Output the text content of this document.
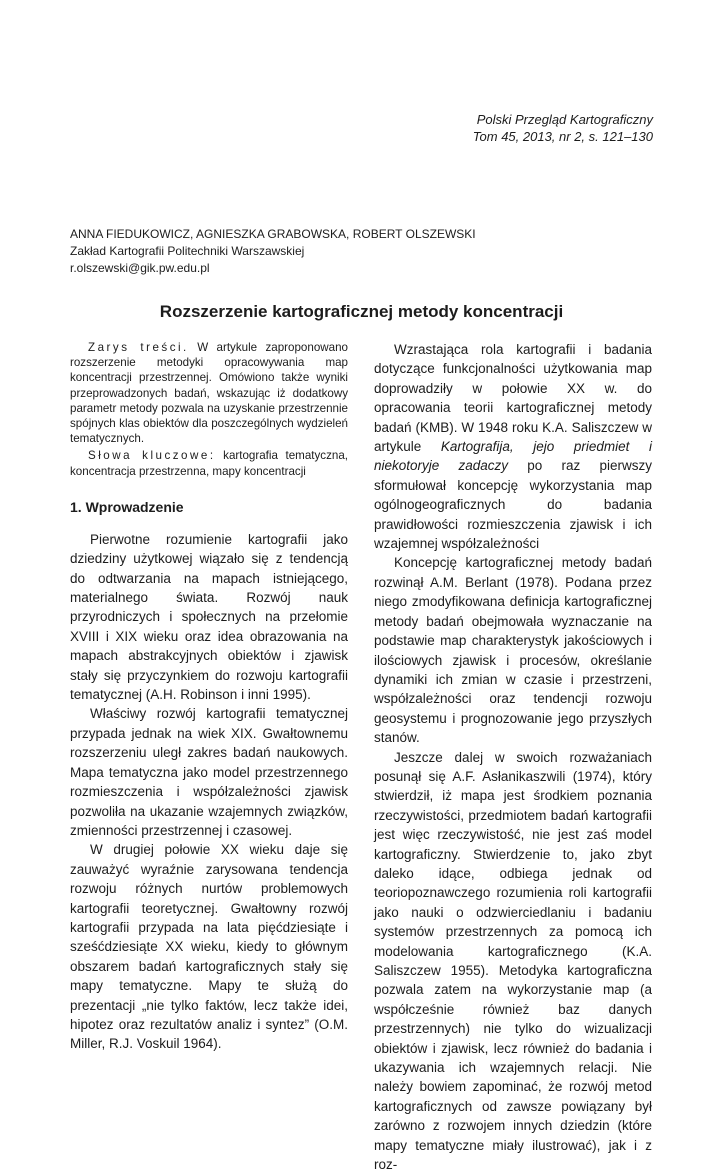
Polski Przegląd Kartograficzny
Tom 45, 2013, nr 2, s. 121–130
ANNA FIEDUKOWICZ, AGNIESZKA GRABOWSKA, ROBERT OLSZEWSKI
Zakład Kartografii Politechniki Warszawskiej
r.olszewski@gik.pw.edu.pl
Rozszerzenie kartograficznej metody koncentracji

Zarys treści. W artykule zaproponowano rozszerzenie metodyki opracowywania map koncentracji przestrzennej. Omówiono także wyniki przeprowadzonych badań, wskazując iż dodatkowy parametr metody pozwala na uzyskanie przestrzennie spójnych klas obiektów dla poszczególnych wydzieleń tematycznych.

Słowa kluczowe: kartografia tematyczna, koncentracja przestrzenna, mapy koncentracji

1. Wprowadzenie

Pierwotne rozumienie kartografii jako dziedziny użytkowej wiązało się z tendencją do odtwarzania na mapach istniejącego, materialnego świata. Rozwój nauk przyrodniczych i społecznych na przełomie XVIII i XIX wieku oraz idea obrazowania na mapach abstrakcyjnych obiektów i zjawisk stały się przyczynkiem do rozwoju kartografii tematycznej (A.H. Robinson i inni 1995).

Właściwy rozwój kartografii tematycznej przypada jednak na wiek XIX. Gwałtownemu rozszerzeniu uległ zakres badań naukowych. Mapa tematyczna jako model przestrzennego rozmieszczenia i współzależności zjawisk pozwoliła na ukazanie wzajemnych związków, zmienności przestrzennej i czasowej.

W drugiej połowie XX wieku daje się zauważyć wyraźnie zarysowana tendencja rozwoju różnych nurtów problemowych kartografii teoretycznej. Gwałtowny rozwój kartografii przypada na lata pięćdziesiąte i sześćdziesiąte XX wieku, kiedy to głównym obszarem badań kartograficznych stały się mapy tematyczne. Mapy te służą do prezentacji „nie tylko faktów, lecz także idei, hipotez oraz rezultatów analiz i syntez” (O.M. Miller, R.J. Voskuil 1964).

Wzrastająca rola kartografii i badania dotyczące funkcjonalności użytkowania map doprowadziły w połowie XX w. do opracowania teorii kartograficznej metody badań (KMB). W 1948 roku K.A. Saliszczew w artykule Kartografija, jejo priedmiet i niekotoryje zadaczy po raz pierwszy sformułował koncepcję wykorzystania map ogólnogeograficznych do badania prawidłowości rozmieszczenia zjawisk i ich wzajemnej współzależności

Koncepcję kartograficznej metody badań rozwinął A.M. Berlant (1978). Podana przez niego zmodyfikowana definicja kartograficznej metody badań obejmowała wyznaczanie na podstawie map charakterystyk jakościowych i ilościowych zjawisk i procesów, określanie dynamiki ich zmian w czasie i przestrzeni, współzależności oraz tendencji rozwoju geosystemu i prognozowanie jego przyszłych stanów.

Jeszcze dalej w swoich rozważaniach posunął się A.F. Asłanikaszwili (1974), który stwierdził, iż mapa jest środkiem poznania rzeczywistości, przedmiotem badań kartografii jest więc rzeczywistość, nie jest zaś model kartograficzny. Stwierdzenie to, jako zbyt daleko idące, odbiega jednak od teoriopoznawczego rozumienia roli kartografii jako nauki o odzwierciedlaniu i badaniu systemów przestrzennych za pomocą ich modelowania kartograficznego (K.A. Saliszczew 1955). Metodyka kartograficzna pozwala zatem na wykorzystanie map (a współcześnie również baz danych przestrzennych) nie tylko do wizualizacji obiektów i zjawisk, lecz również do badania i ukazywania ich wzajemnych relacji. Nie należy bowiem zapominać, że rozwój metod kartograficznych od zawsze powiązany był zarówno z rozwojem innych dziedzin (które mapy tematyczne miały ilustrować), jak i z roz-
